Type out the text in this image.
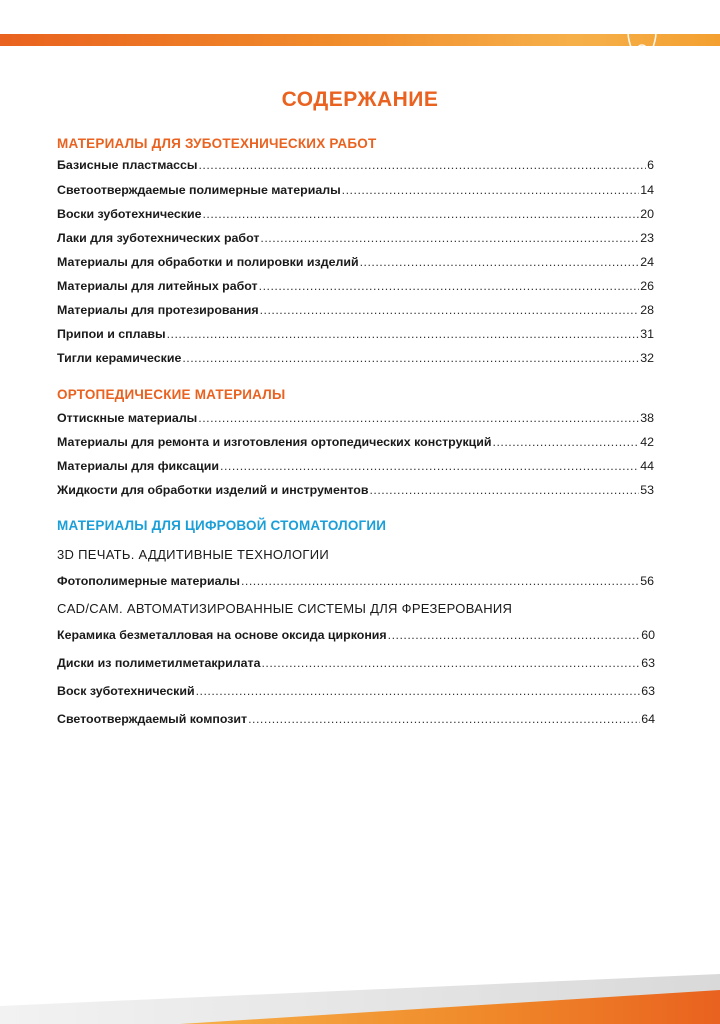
СОДЕРЖАНИЕ
МАТЕРИАЛЫ ДЛЯ ЗУБОТЕХНИЧЕСКИХ РАБОТ
Базисные пластмассы .....	6
Светоотверждаемые полимерные материалы .....	14
Воски зуботехнические .....	20
Лаки для зуботехнических работ .....	23
Материалы для обработки и полировки изделий .....	24
Материалы для литейных работ .....	26
Материалы для протезирования .....	28
Припои и сплавы .....	31
Тигли керамические .....	32
ОРТОПЕДИЧЕСКИЕ МАТЕРИАЛЫ
Оттискные материалы .....	38
Материалы для ремонта и изготовления ортопедических конструкций .....	42
Материалы для фиксации .....	44
Жидкости для обработки изделий и инструментов .....	53
МАТЕРИАЛЫ ДЛЯ ЦИФРОВОЙ СТОМАТОЛОГИИ
3D ПЕЧАТЬ. АДДИТИВНЫЕ ТЕХНОЛОГИИ
Фотополимерные материалы .....	56
CAD/CAM. АВТОМАТИЗИРОВАННЫЕ СИСТЕМЫ ДЛЯ ФРЕЗЕРОВАНИЯ
Керамика безметалловая на основе оксида циркония .....	60
Диски из полиметилметакрилата .....	63
Воск зуботехнический .....	63
Светоотверждаемый композит .....	64
